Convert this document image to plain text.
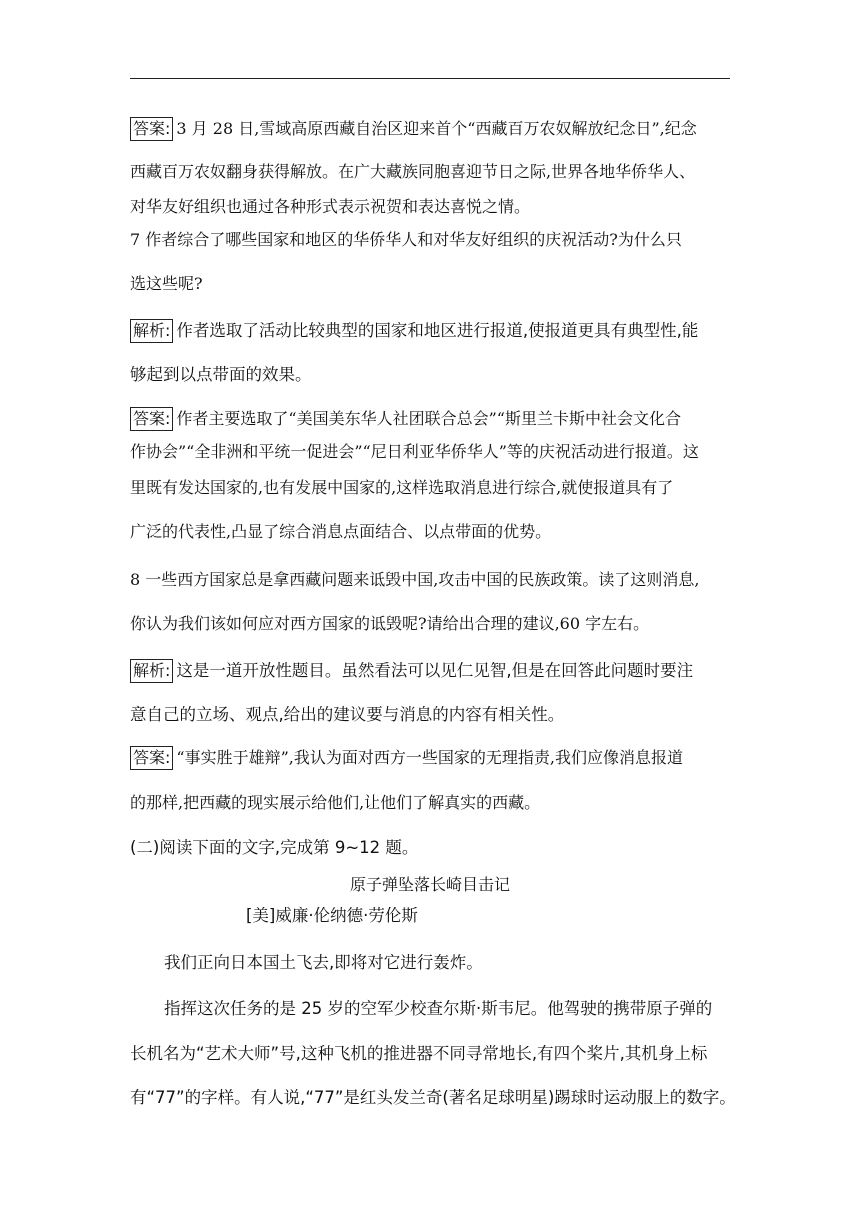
答案: 3 月 28 日,雪域高原西藏自治区迎来首个“西藏百万农奴解放纪念日”,纪念
西藏百万农奴翻身获得解放。在广大藏族同胞喜迎节日之际,世界各地华侨华人、
对华友好组织也通过各种形式表示祝贺和表达喜悦之情。
7 作者综合了哪些国家和地区的华侨华人和对华友好组织的庆祝活动?为什么只
选这些呢?
解析: 作者选取了活动比较典型的国家和地区进行报道,使报道更具有典型性,能
够起到以点带面的效果。
答案: 作者主要选取了“美国美东华人社团联合总会”“斯里兰卡斯中社会文化合
作协会”“全非洲和平统一促进会”“尼日利亚华侨华人”等的庆祝活动进行报道。这
里既有发达国家的,也有发展中国家的,这样选取消息进行综合,就使报道具有了
广泛的代表性,凸显了综合消息点面结合、以点带面的优势。
8 一些西方国家总是拿西藏问题来诋毁中国,攻击中国的民族政策。读了这则消息,
你认为我们该如何应对西方国家的诋毁呢?请给出合理的建议,60 字左右。
解析: 这是一道开放性题目。虽然看法可以见仁见智,但是在回答此问题时要注
意自己的立场、观点,给出的建议要与消息的内容有相关性。
答案: “事实胜于雄辩”,我认为面对西方一些国家的无理指责,我们应像消息报道
的那样,把西藏的现实展示给他们,让他们了解真实的西藏。
(二)阅读下面的文字,完成第 9~12 题。
原子弹坠落长崎目击记
[美]威廉·伦纳德·劳伦斯
我们正向日本国土飞去,即将对它进行轰炸。
指挥这次任务的是 25 岁的空军少校查尔斯·斯韦尼。他驾驶的携带原子弹的
长机名为“艺术大师”号,这种飞机的推进器不同寻常地长,有四个桨片,其机身上标
有“77”的字样。有人说,“77”是红头发兰奇(著名足球明星)踢球时运动服上的数字。
